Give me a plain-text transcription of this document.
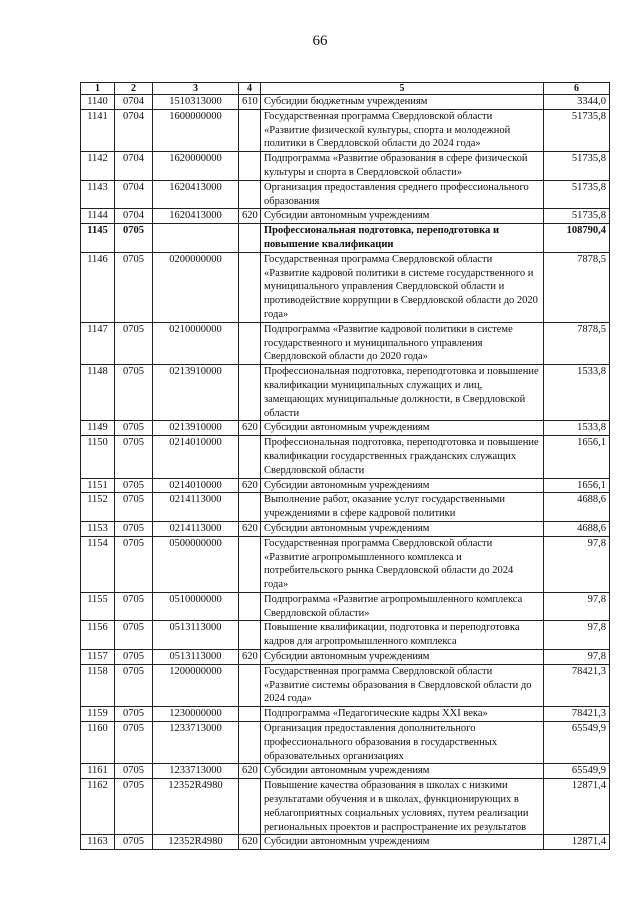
66
1	2	3	4	5	6
1140	0704	1510313000	610	Субсидии бюджетным учреждениям	3344,0
1141	0704	1600000000		Государственная программа Свердловской области «Развитие физической культуры, спорта и молодежной политики в Свердловской области до 2024 года»	51735,8
1142	0704	1620000000		Подпрограмма «Развитие образования в сфере физической культуры и спорта в Свердловской области»	51735,8
1143	0704	1620413000		Организация предоставления среднего профессионального образования	51735,8
1144	0704	1620413000	620	Субсидии автономным учреждениям	51735,8
1145	0705			Профессиональная подготовка, переподготовка и повышение квалификации	108790,4
1146	0705	0200000000		Государственная программа Свердловской области «Развитие кадровой политики в системе государственного и муниципального управления Свердловской области и противодействие коррупции в Свердловской области до 2020 года»	7878,5
1147	0705	0210000000		Подпрограмма «Развитие кадровой политики в системе государственного и муниципального управления Свердловской области до 2020 года»	7878,5
1148	0705	0213910000		Профессиональная подготовка, переподготовка и повышение квалификации муниципальных служащих и лиц, замещающих муниципальные должности, в Свердловской области	1533,8
1149	0705	0213910000	620	Субсидии автономным учреждениям	1533,8
1150	0705	0214010000		Профессиональная подготовка, переподготовка и повышение квалификации государственных гражданских служащих Свердловской области	1656,1
1151	0705	0214010000	620	Субсидии автономным учреждениям	1656,1
1152	0705	0214113000		Выполнение работ, оказание услуг государственными учреждениями в сфере кадровой политики	4688,6
1153	0705	0214113000	620	Субсидии автономным учреждениям	4688,6
1154	0705	0500000000		Государственная программа Свердловской области «Развитие агропромышленного комплекса и потребительского рынка Свердловской области до 2024 года»	97,8
1155	0705	0510000000		Подпрограмма «Развитие агропромышленного комплекса Свердловской области»	97,8
1156	0705	0513113000		Повышение квалификации, подготовка и переподготовка кадров для агропромышленного комплекса	97,8
1157	0705	0513113000	620	Субсидии автономным учреждениям	97,8
1158	0705	1200000000		Государственная программа Свердловской области «Развитие системы образования в Свердловской области до 2024 года»	78421,3
1159	0705	1230000000		Подпрограмма «Педагогические кадры XXI века»	78421,3
1160	0705	1233713000		Организация предоставления дополнительного профессионального образования в государственных образовательных организациях	65549,9
1161	0705	1233713000	620	Субсидии автономным учреждениям	65549,9
1162	0705	12352R4980		Повышение качества образования в школах с низкими результатами обучения и в школах, функционирующих в неблагоприятных социальных условиях, путем реализации региональных проектов и распространение их результатов	12871,4
1163	0705	12352R4980	620	Субсидии автономным учреждениям	12871,4
